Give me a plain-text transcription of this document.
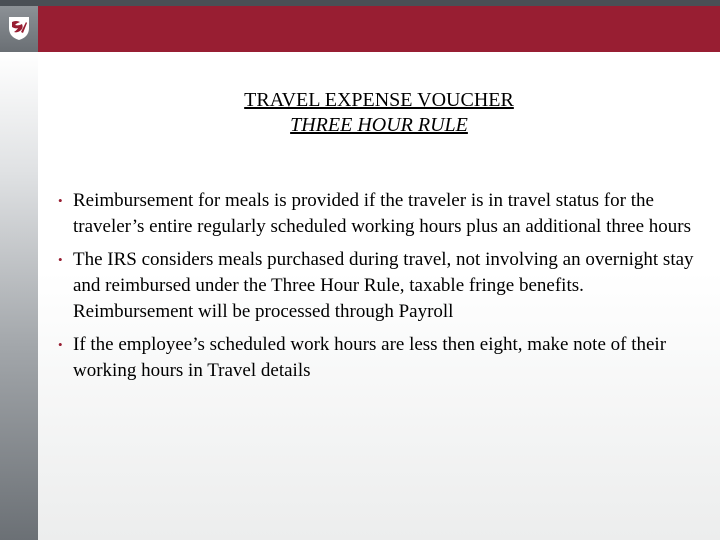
TRAVEL EXPENSE VOUCHER
THREE HOUR RULE
• Reimbursement for meals is provided if the traveler is in travel status for the traveler’s entire regularly scheduled working hours plus an additional three hours
• The IRS considers meals purchased during travel, not involving an overnight stay and reimbursed under the Three Hour Rule, taxable fringe benefits. Reimbursement will be processed through Payroll
• If the employee’s scheduled work hours are less then eight, make note of their working hours in Travel details
